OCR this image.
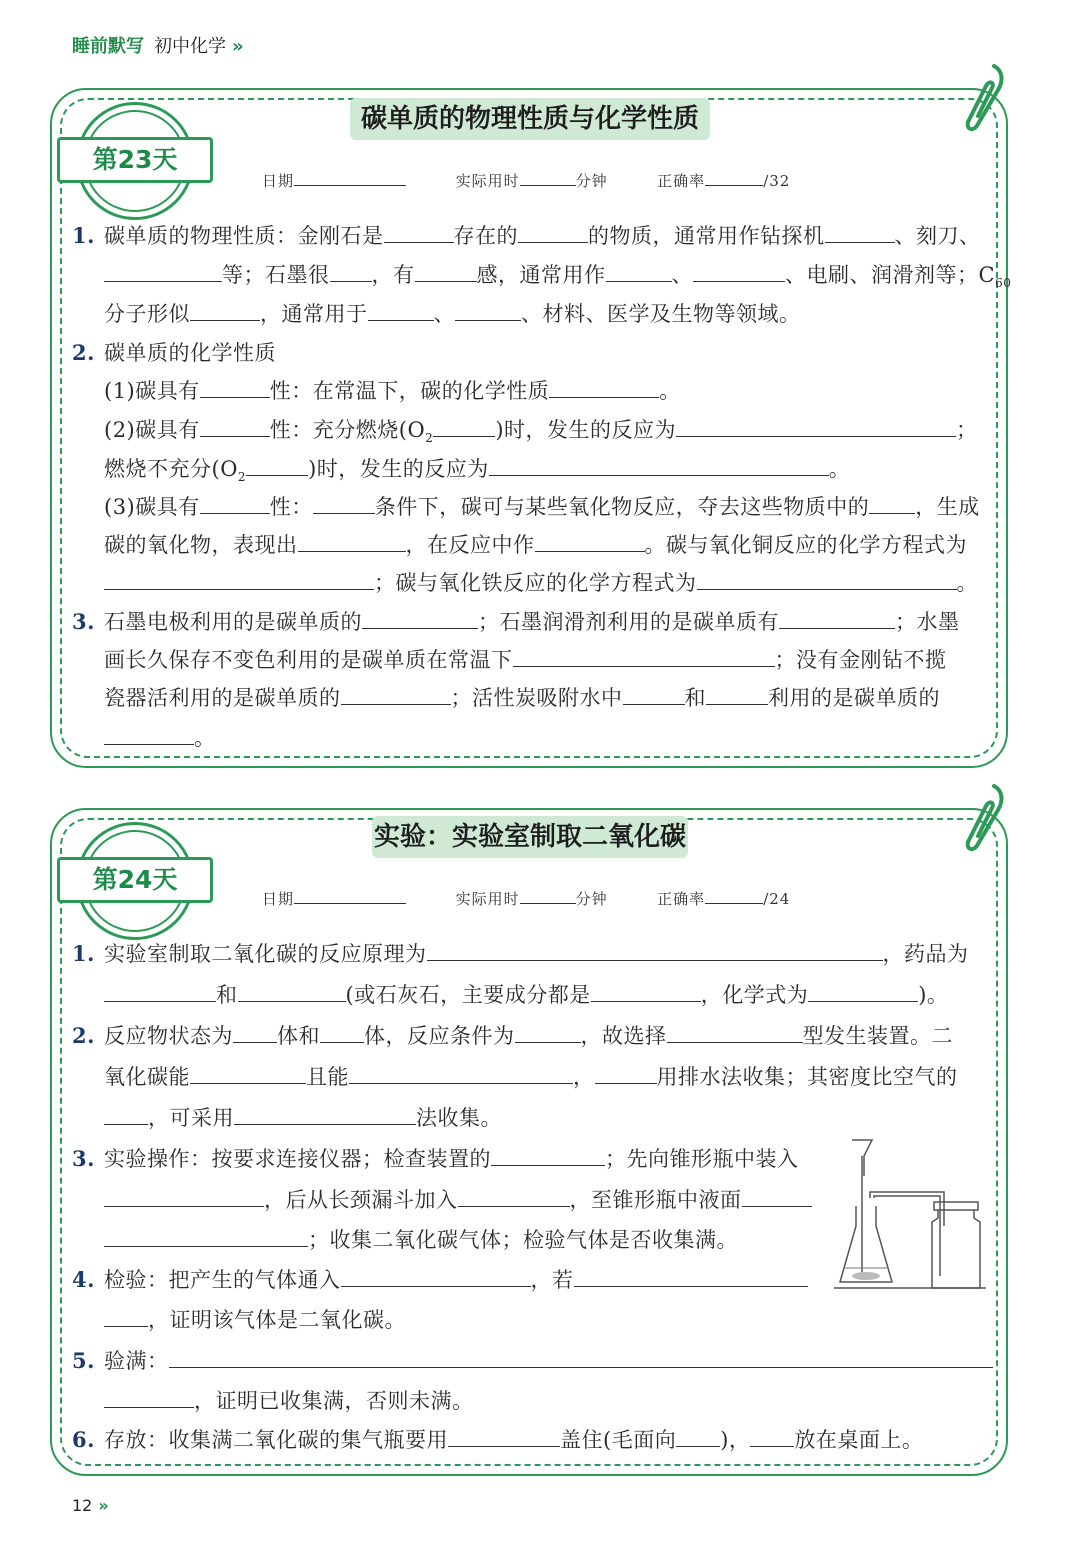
睡前默写 初中化学 »
碳单质的物理性质与化学性质
第23天
日期	实际用时	分钟	正确率	/32
1. 碳单质的物理性质：金刚石是	存在的	的物质，通常用作钻探机	、刻刀、
等；石墨很 ，有	感，通常用作	、	、电刷、润滑剂等；$C_{60}$
分子形似	，通常用于	、	、材料、医学及生物等领域。
2. 碳单质的化学性质
(1)碳具有	性：在常温下，碳的化学性质	。
(2)碳具有	性：充分燃烧($O_2$	)时，发生的反应为	；
燃烧不充分($O_2$	)时，发生的反应为	。
(3)碳具有	性：	条件下，碳可与某些氧化物反应，夺去这些物质中的 ，生成
碳的氧化物，表现出	，在反应中作	。碳与氧化铜反应的化学方程式为
；碳与氧化铁反应的化学方程式为	。
3. 石墨电极利用的是碳单质的	；石墨润滑剂利用的是碳单质有	；水墨
画长久保存不变色利用的是碳单质在常温下	；没有金刚钻不揽
瓷器活利用的是碳单质的	；活性炭吸附水中	和	利用的是碳单质的
。
实验：实验室制取二氧化碳
第24天
日期	实际用时	分钟	正确率	/24
1. 实验室制取二氧化碳的反应原理为	，药品为
和	(或石灰石，主要成分都是	，化学式为	)。
2. 反应物状态为 体和 体，反应条件为	，故选择	型发生装置。二
氧化碳能	且能	，	用排水法收集；其密度比空气的
，可采用	法收集。
3. 实验操作：按要求连接仪器；检查装置的	；先向锥形瓶中装入
，后从长颈漏斗加入	，至锥形瓶中液面
；收集二氧化碳气体；检验气体是否收集满。
4. 检验：把产生的气体通入	，若
，证明该气体是二氧化碳。
5. 验满：
，证明已收集满，否则未满。
6. 存放：收集满二氧化碳的集气瓶要用	盖住(毛面向 )， 放在桌面上。
12 »
